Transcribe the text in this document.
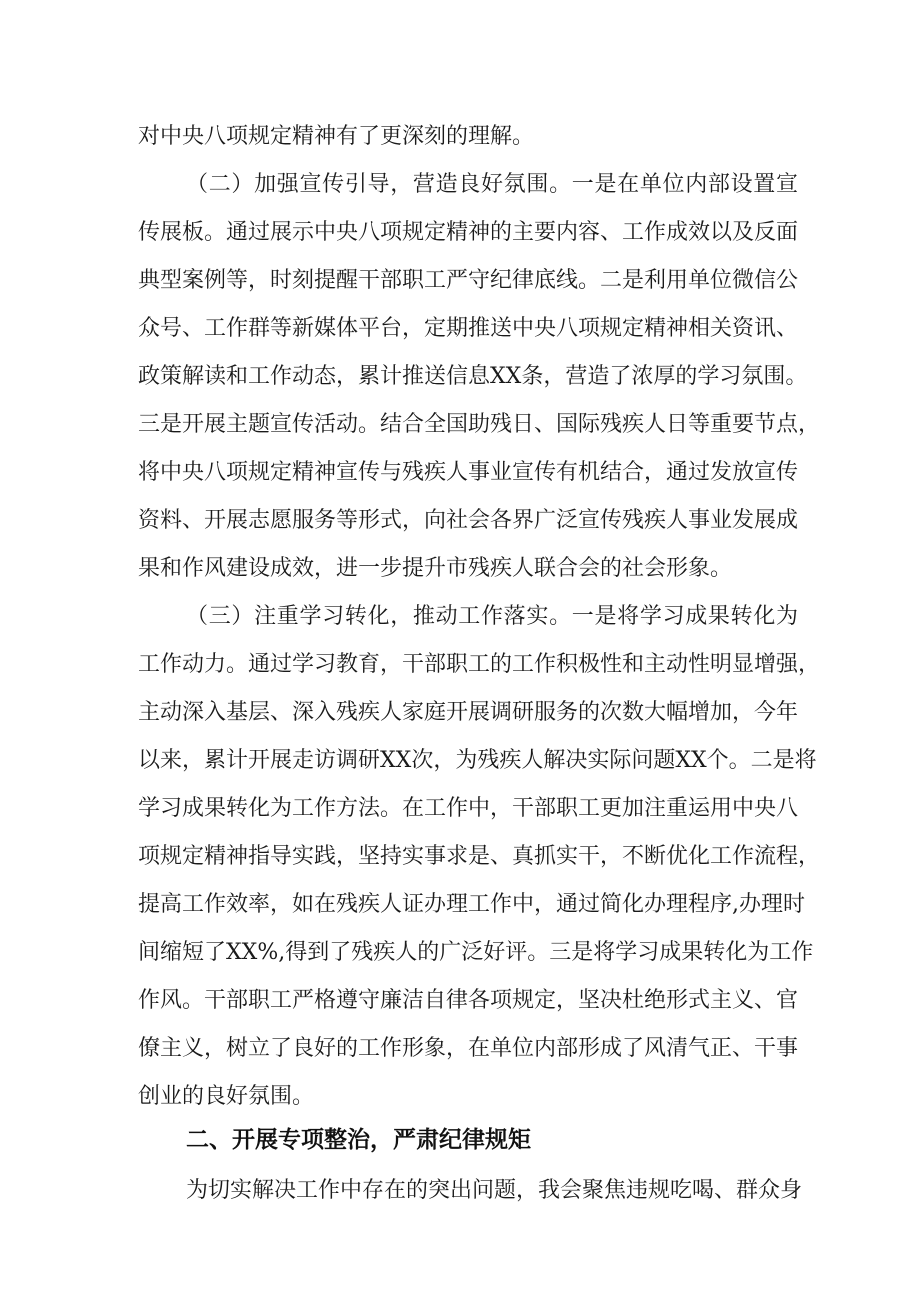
对中央八项规定精神有了更深刻的理解。
（二）加强宣传引导，营造良好氛围。一是在单位内部设置宣
传展板。通过展示中央八项规定精神的主要内容、工作成效以及反面
典型案例等，时刻提醒干部职工严守纪律底线。二是利用单位微信公
众号、工作群等新媒体平台，定期推送中央八项规定精神相关资讯、
政策解读和工作动态，累计推送信息XX条，营造了浓厚的学习氛围。
三是开展主题宣传活动。结合全国助残日、国际残疾人日等重要节点，
将中央八项规定精神宣传与残疾人事业宣传有机结合，通过发放宣传
资料、开展志愿服务等形式，向社会各界广泛宣传残疾人事业发展成
果和作风建设成效，进一步提升市残疾人联合会的社会形象。
（三）注重学习转化，推动工作落实。一是将学习成果转化为
工作动力。通过学习教育，干部职工的工作积极性和主动性明显增强，
主动深入基层、深入残疾人家庭开展调研服务的次数大幅增加，今年
以来，累计开展走访调研XX次，为残疾人解决实际问题XX个。二是将
学习成果转化为工作方法。在工作中，干部职工更加注重运用中央八
项规定精神指导实践，坚持实事求是、真抓实干，不断优化工作流程，
提高工作效率，如在残疾人证办理工作中，通过简化办理程序,办理时
间缩短了XX%,得到了残疾人的广泛好评。三是将学习成果转化为工作
作风。干部职工严格遵守廉洁自律各项规定，坚决杜绝形式主义、官
僚主义，树立了良好的工作形象，在单位内部形成了风清气正、干事
创业的良好氛围。
二、开展专项整治，严肃纪律规矩
为切实解决工作中存在的突出问题，我会聚焦违规吃喝、群众身
